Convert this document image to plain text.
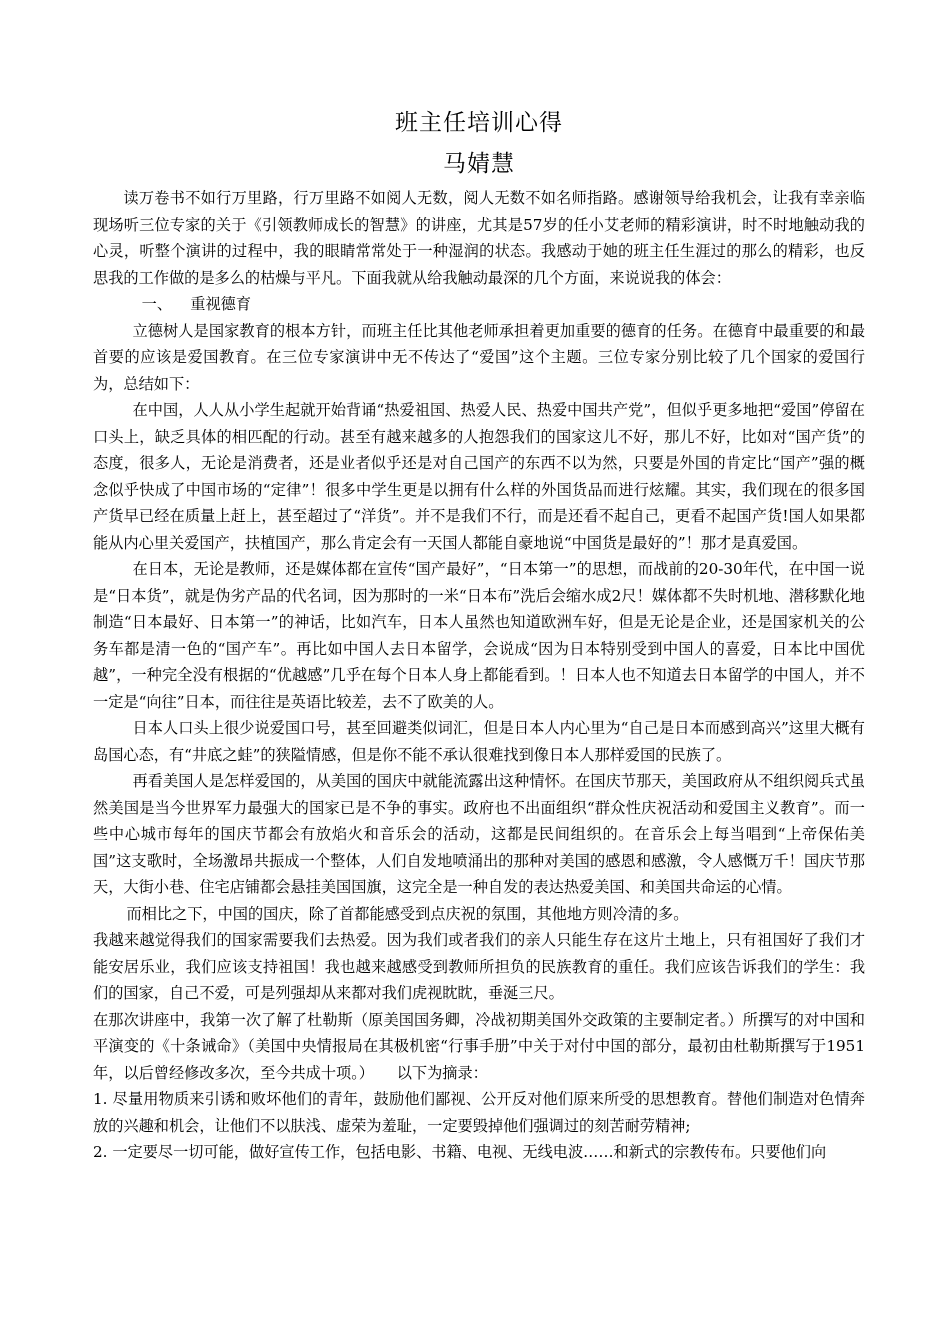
班主任培训心得
马婧慧

读万卷书不如行万里路，行万里路不如阅人无数，阅人无数不如名师指路。感谢领导给我机会，让我有幸亲临现场听三位专家的关于《引领教师成长的智慧》的讲座，尤其是57岁的任小艾老师的精彩演讲，时不时地触动我的心灵，听整个演讲的过程中，我的眼睛常常处于一种湿润的状态。我感动于她的班主任生涯过的那么的精彩，也反思我的工作做的是多么的枯燥与平凡。下面我就从给我触动最深的几个方面，来说说我的体会：

一、 重视德育

立德树人是国家教育的根本方针，而班主任比其他老师承担着更加重要的德育的任务。在德育中最重要的和最首要的应该是爱国教育。在三位专家演讲中无不传达了“爱国”这个主题。三位专家分别比较了几个国家的爱国行为，总结如下：

在中国，人人从小学生起就开始背诵“热爱祖国、热爱人民、热爱中国共产党”，但似乎更多地把“爱国”停留在口头上，缺乏具体的相匹配的行动。甚至有越来越多的人抱怨我们的国家这儿不好，那儿不好，比如对“国产货”的态度，很多人，无论是消费者，还是业者似乎还是对自己国产的东西不以为然，只要是外国的肯定比“国产”强的概念似乎快成了中国市场的“定律”！很多中学生更是以拥有什么样的外国货品而进行炫耀。其实，我们现在的很多国产货早已经在质量上赶上，甚至超过了“洋货”。并不是我们不行，而是还看不起自己，更看不起国产货!国人如果都能从内心里关爱国产，扶植国产，那么肯定会有一天国人都能自豪地说“中国货是最好的”！那才是真爱国。

在日本，无论是教师，还是媒体都在宣传“国产最好”，“日本第一”的思想，而战前的20-30年代，在中国一说是“日本货”，就是伪劣产品的代名词，因为那时的一米“日本布”洗后会缩水成2尺！媒体都不失时机地、潜移默化地制造“日本最好、日本第一”的神话，比如汽车，日本人虽然也知道欧洲车好，但是无论是企业，还是国家机关的公务车都是清一色的“国产车”。再比如中国人去日本留学，会说成“因为日本特别受到中国人的喜爱，日本比中国优越”，一种完全没有根据的“优越感”几乎在每个日本人身上都能看到。！日本人也不知道去日本留学的中国人，并不一定是“向往”日本，而往往是英语比较差，去不了欧美的人。

日本人口头上很少说爱国口号，甚至回避类似词汇，但是日本人内心里为“自己是日本而感到高兴”这里大概有岛国心态，有“井底之蛙”的狭隘情感，但是你不能不承认很难找到像日本人那样爱国的民族了。

再看美国人是怎样爱国的，从美国的国庆中就能流露出这种情怀。在国庆节那天，美国政府从不组织阅兵式虽然美国是当今世界军力最强大的国家已是不争的事实。政府也不出面组织“群众性庆祝活动和爱国主义教育”。而一些中心城市每年的国庆节都会有放焰火和音乐会的活动，这都是民间组织的。在音乐会上每当唱到“上帝保佑美国”这支歌时，全场激昂共振成一个整体，人们自发地喷涌出的那种对美国的感恩和感激，令人感慨万千！国庆节那天，大街小巷、住宅店铺都会悬挂美国国旗，这完全是一种自发的表达热爱美国、和美国共命运的心情。

而相比之下，中国的国庆，除了首都能感受到点庆祝的氛围，其他地方则冷清的多。

我越来越觉得我们的国家需要我们去热爱。因为我们或者我们的亲人只能生存在这片土地上，只有祖国好了我们才能安居乐业，我们应该支持祖国！我也越来越感受到教师所担负的民族教育的重任。我们应该告诉我们的学生：我们的国家，自己不爱，可是列强却从来都对我们虎视眈眈，垂涎三尺。

在那次讲座中，我第一次了解了杜勒斯（原美国国务卿，冷战初期美国外交政策的主要制定者。）所撰写的对中国和平演变的《十条诫命》（美国中央情报局在其极机密“行事手册”中关于对付中国的部分，最初由杜勒斯撰写于1951年，以后曾经修改多次，至今共成十项。）　　以下为摘录：

1. 尽量用物质来引诱和败坏他们的青年，鼓励他们鄙视、公开反对他们原来所受的思想教育。替他们制造对色情奔放的兴趣和机会，让他们不以肤浅、虚荣为羞耻，一定要毁掉他们强调过的刻苦耐劳精神;

2. 一定要尽一切可能，做好宣传工作，包括电影、书籍、电视、无线电波……和新式的宗教传布。只要他们向
